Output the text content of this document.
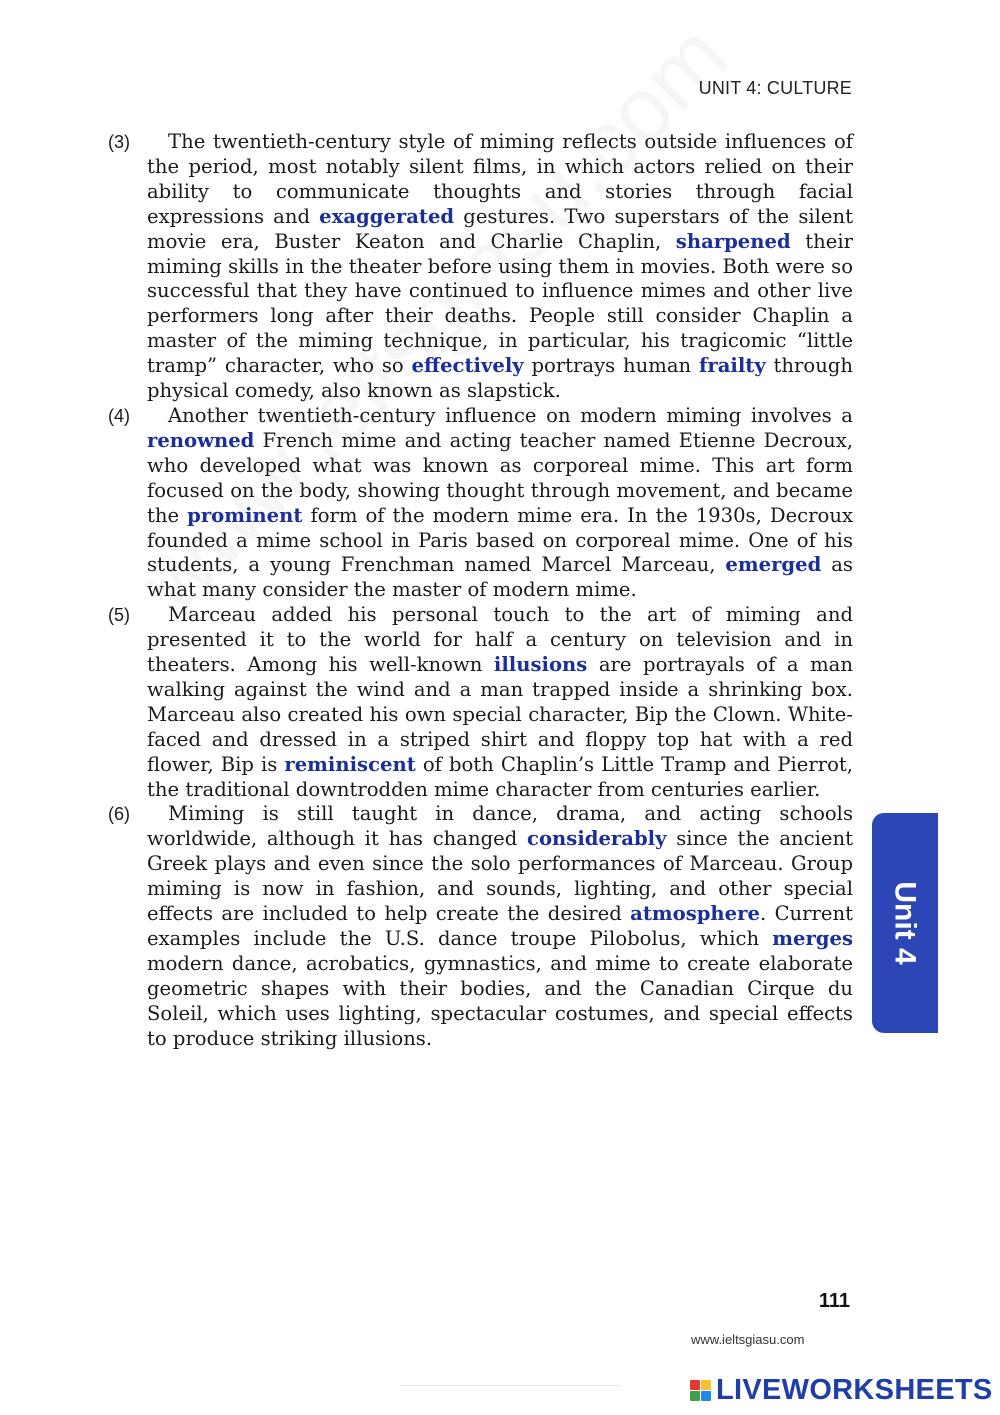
UNIT 4: CULTURE
(3)	The twentieth-century style of miming reflects outside influences of the period, most notably silent films, in which actors relied on their ability to communicate thoughts and stories through facial expressions and exaggerated gestures. Two superstars of the silent movie era, Buster Keaton and Charlie Chaplin, sharpened their miming skills in the theater before using them in movies. Both were so successful that they have continued to influence mimes and other live performers long after their deaths. People still consider Chaplin a master of the miming technique, in particular, his tragicomic “little tramp” character, who so effectively portrays human frailty through physical comedy, also known as slapstick.
(4)	Another twentieth-century influence on modern miming involves a renowned French mime and acting teacher named Etienne Decroux, who developed what was known as corporeal mime. This art form focused on the body, showing thought through movement, and became the prominent form of the modern mime era. In the 1930s, Decroux founded a mime school in Paris based on corporeal mime. One of his students, a young Frenchman named Marcel Marceau, emerged as what many consider the master of modern mime.
(5)	Marceau added his personal touch to the art of miming and presented it to the world for half a century on television and in theaters. Among his well-known illusions are portrayals of a man walking against the wind and a man trapped inside a shrinking box. Marceau also created his own special character, Bip the Clown. White-faced and dressed in a striped shirt and floppy top hat with a red flower, Bip is reminiscent of both Chaplin’s Little Tramp and Pierrot, the traditional downtrodden mime character from centuries earlier.
(6)	Miming is still taught in dance, drama, and acting schools worldwide, although it has changed considerably since the ancient Greek plays and even since the solo performances of Marceau. Group miming is now in fashion, and sounds, lighting, and other special effects are included to help create the desired atmosphere. Current examples include the U.S. dance troupe Pilobolus, which merges modern dance, acrobatics, gymnastics, and mime to create elaborate geometric shapes with their bodies, and the Canadian Cirque du Soleil, which uses lighting, spectacular costumes, and special effects to produce striking illusions.
Unit 4
111
www.ieltsgiasu.com
LIVEWORKSHEETS
